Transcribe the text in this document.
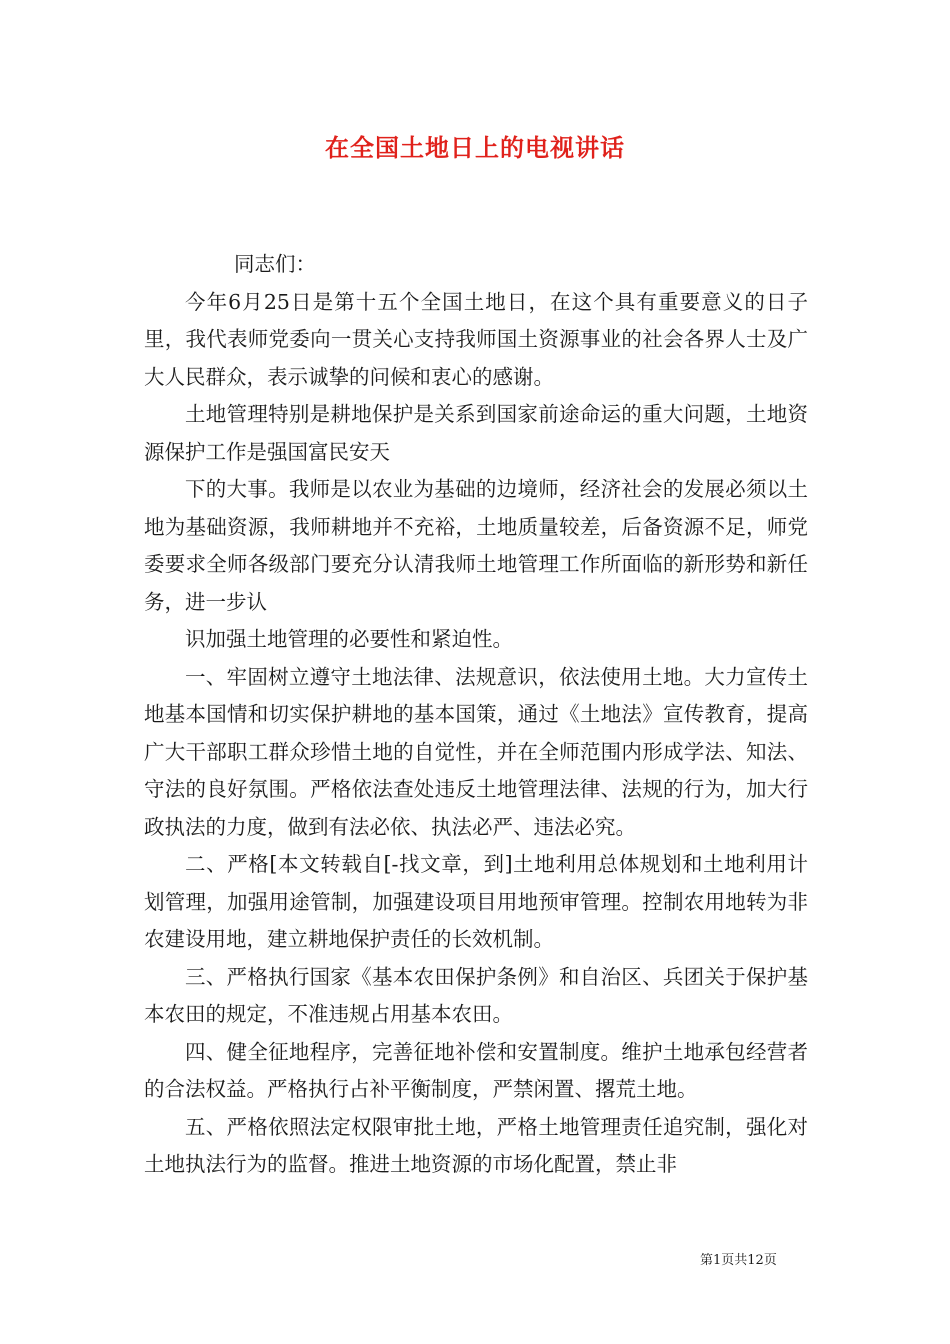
在全国土地日上的电视讲话
同志们：

今年6月25日是第十五个全国土地日，在这个具有重要意义的日子里，我代表师党委向一贯关心支持我师国土资源事业的社会各界人士及广大人民群众，表示诚挚的问候和衷心的感谢。

土地管理特别是耕地保护是关系到国家前途命运的重大问题，土地资源保护工作是强国富民安天

下的大事。我师是以农业为基础的边境师，经济社会的发展必须以土地为基础资源，我师耕地并不充裕，土地质量较差，后备资源不足，师党委要求全师各级部门要充分认清我师土地管理工作所面临的新形势和新任务，进一步认

识加强土地管理的必要性和紧迫性。

一、牢固树立遵守土地法律、法规意识，依法使用土地。大力宣传土地基本国情和切实保护耕地的基本国策，通过《土地法》宣传教育，提高广大干部职工群众珍惜土地的自觉性，并在全师范围内形成学法、知法、守法的良好氛围。严格依法查处违反土地管理法律、法规的行为，加大行政执法的力度，做到有法必依、执法必严、违法必究。

二、严格[本文转载自[-找文章，到]土地利用总体规划和土地利用计划管理，加强用途管制，加强建设项目用地预审管理。控制农用地转为非农建设用地，建立耕地保护责任的长效机制。

三、严格执行国家《基本农田保护条例》和自治区、兵团关于保护基本农田的规定，不准违规占用基本农田。

四、健全征地程序，完善征地补偿和安置制度。维护土地承包经营者的合法权益。严格执行占补平衡制度，严禁闲置、撂荒土地。

五、严格依照法定权限审批土地，严格土地管理责任追究制，强化对土地执法行为的监督。推进土地资源的市场化配置，禁止非

第1页共12页
